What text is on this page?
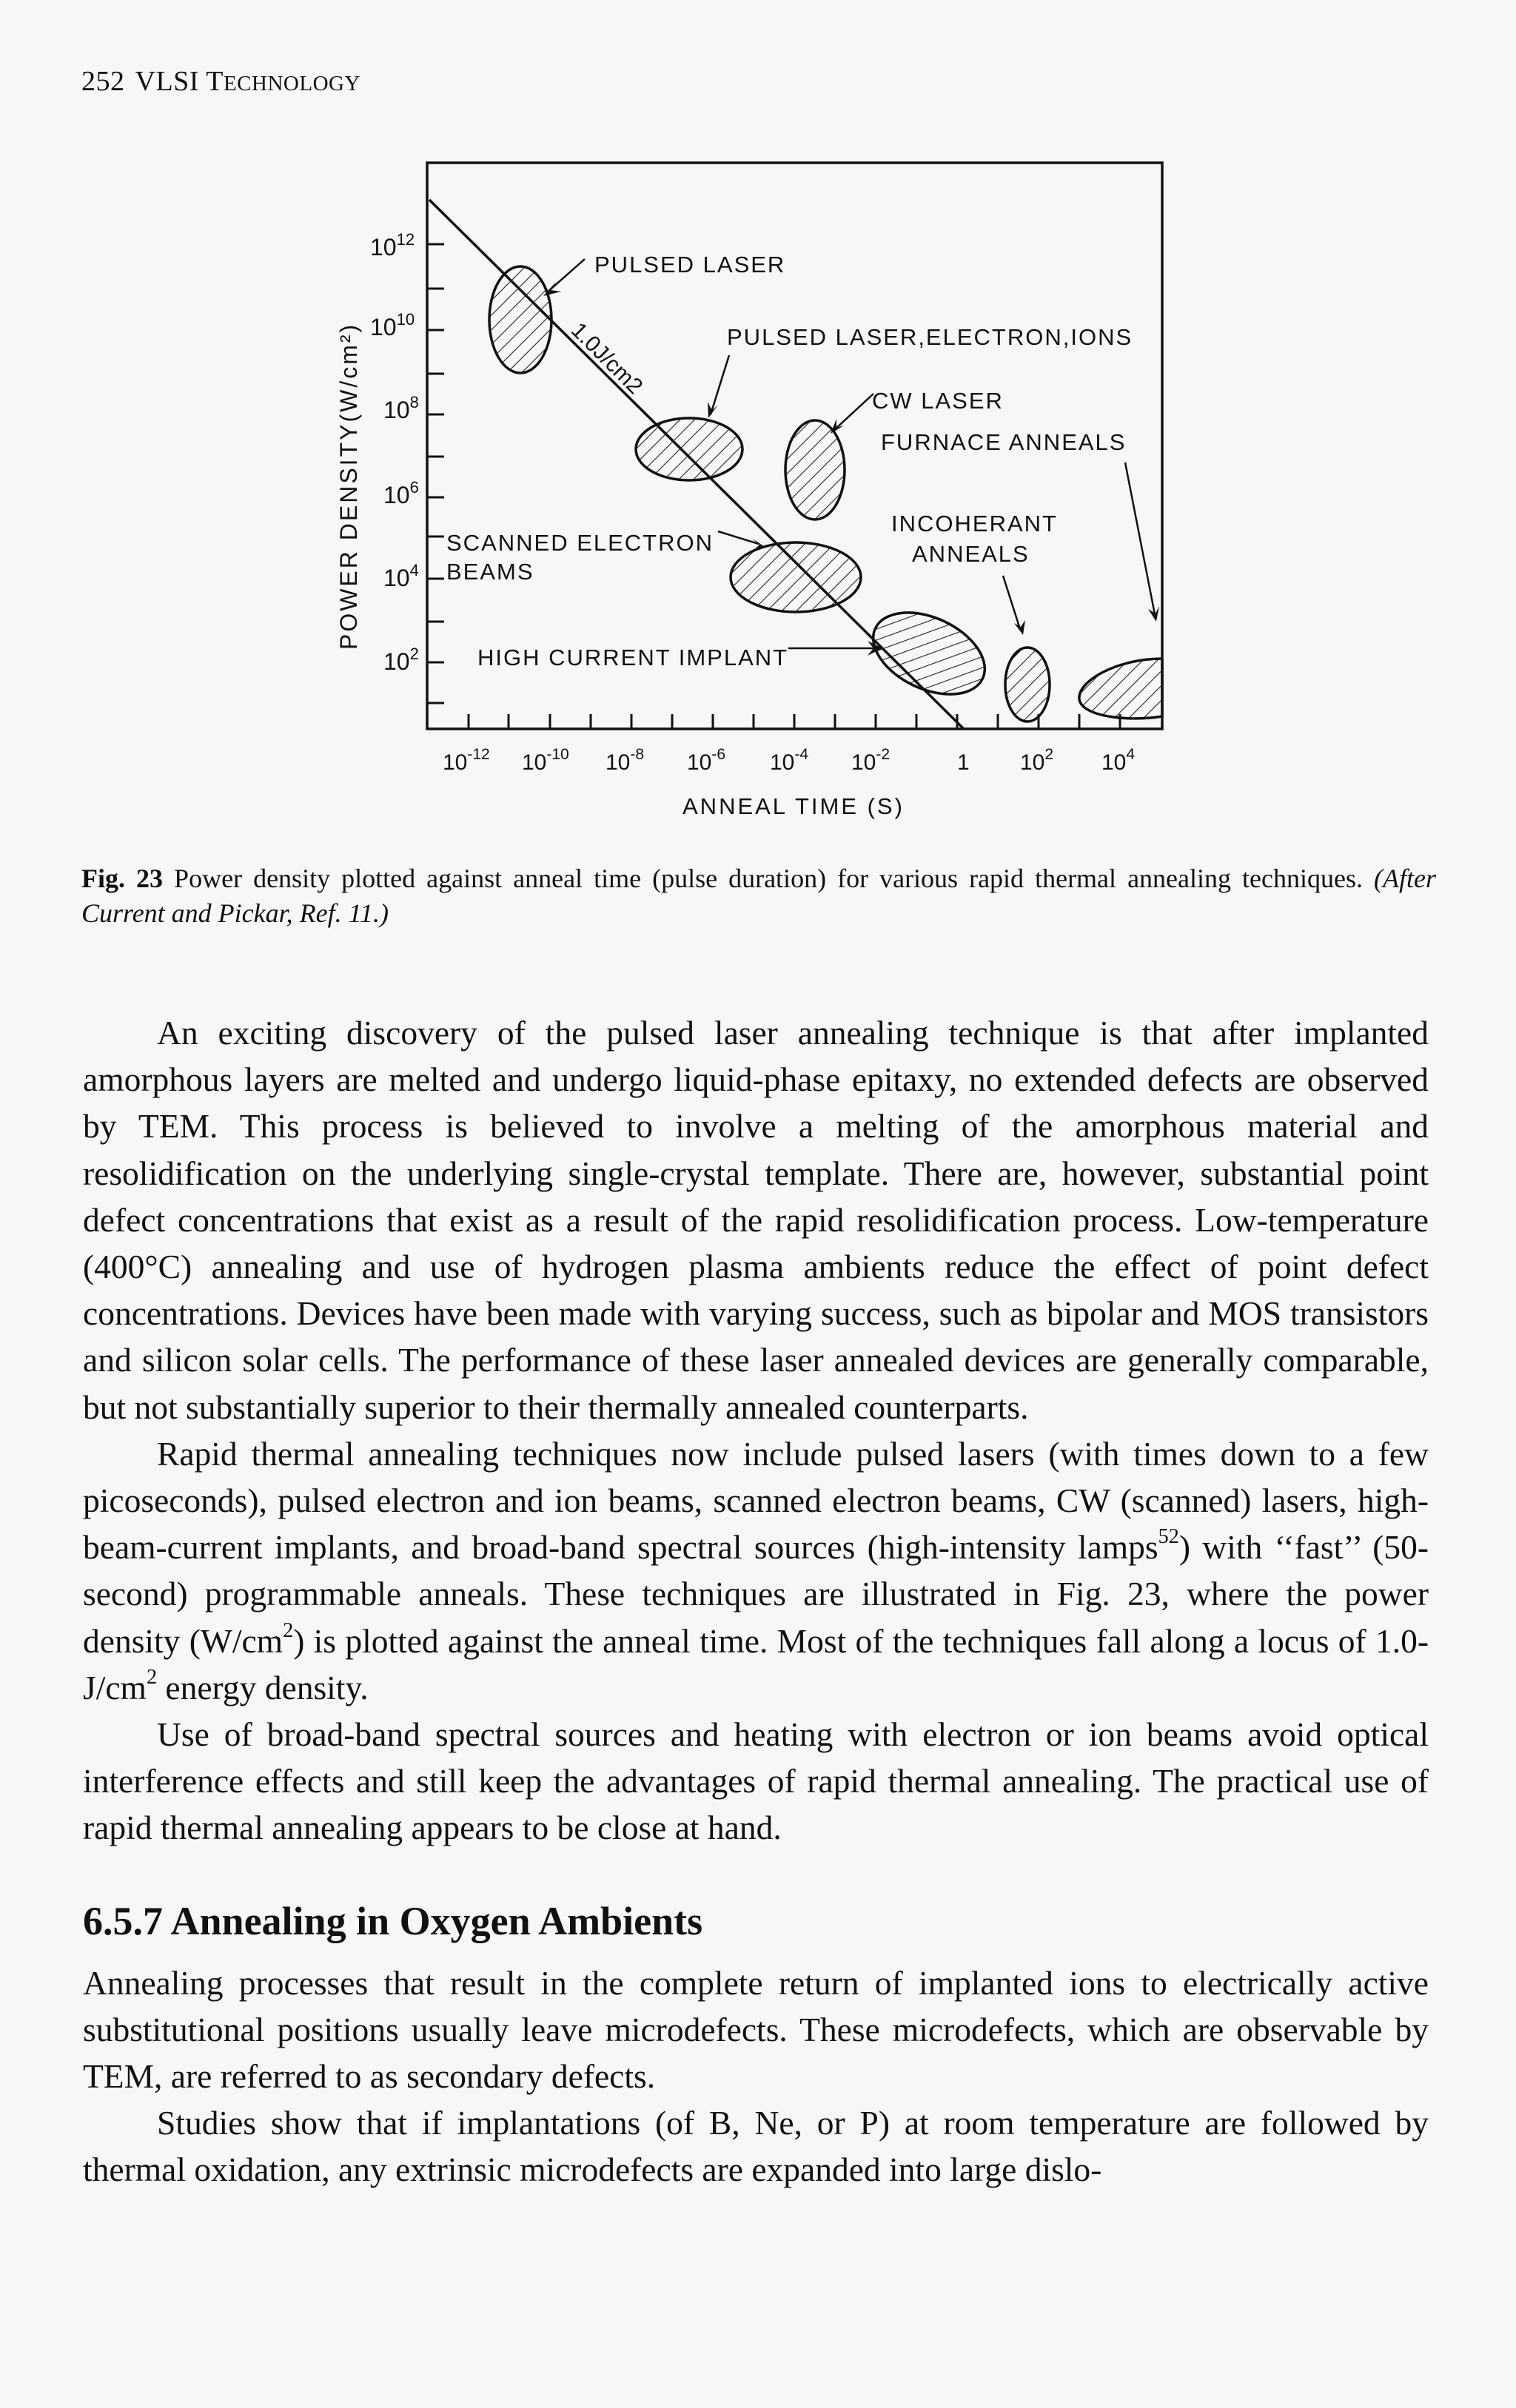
252 VLSI TECHNOLOGY
$10^{12}$
$10^{10}$
$10^8$
$10^6$
$10^4$
$10^2$
POWER DENSITY(W/cm²)
$10^{-12}$ $10^{-10}$ $10^{-8}$ $10^{-6}$ $10^{-4}$ $10^{-2}$	1 $10^2$ $10^4$
ANNEAL TIME (S)
1.0J/cm2
PULSED LASER
PULSED LASER,ELECTRON,IONS
CW LASER
FURNACE ANNEALS
INCOHERANT
ANNEALS
SCANNED ELECTRON
BEAMS
HIGH CURRENT IMPLANT
Fig. 23 Power density plotted against anneal time (pulse duration) for various rapid thermal annealing techniques. (After Current and Pickar, Ref. 11.)

An exciting discovery of the pulsed laser annealing technique is that after implanted amorphous layers are melted and undergo liquid-phase epitaxy, no extended defects are observed by TEM. This process is believed to involve a melting of the amorphous material and resolidification on the underlying single-crystal template. There are, however, substantial point defect concentrations that exist as a result of the rapid resolidification process. Low-temperature (400°C) annealing and use of hydrogen plasma ambients reduce the effect of point defect concentrations. Devices have been made with varying success, such as bipolar and MOS transistors and silicon solar cells. The performance of these laser annealed devices are generally comparable, but not substantially superior to their thermally annealed counterparts.

Rapid thermal annealing techniques now include pulsed lasers (with times down to a few picoseconds), pulsed electron and ion beams, scanned electron beams, CW (scanned) lasers, high-beam-current implants, and broad-band spectral sources (high-intensity lamps$^{52}$) with ‘‘fast’’ (50-second) programmable anneals. These techniques are illustrated in Fig. 23, where the power density $(W/cm^2)$ is plotted against the anneal time. Most of the techniques fall along a locus of $1.0-J/cm^2$ energy density.

Use of broad-band spectral sources and heating with electron or ion beams avoid optical interference effects and still keep the advantages of rapid thermal annealing. The practical use of rapid thermal annealing appears to be close at hand.

6.5.7 Annealing in Oxygen Ambients

Annealing processes that result in the complete return of implanted ions to electrically active substitutional positions usually leave microdefects. These microdefects, which are observable by TEM, are referred to as secondary defects.

Studies show that if implantations (of B, Ne, or P) at room temperature are followed by thermal oxidation, any extrinsic microdefects are expanded into large dislo-
